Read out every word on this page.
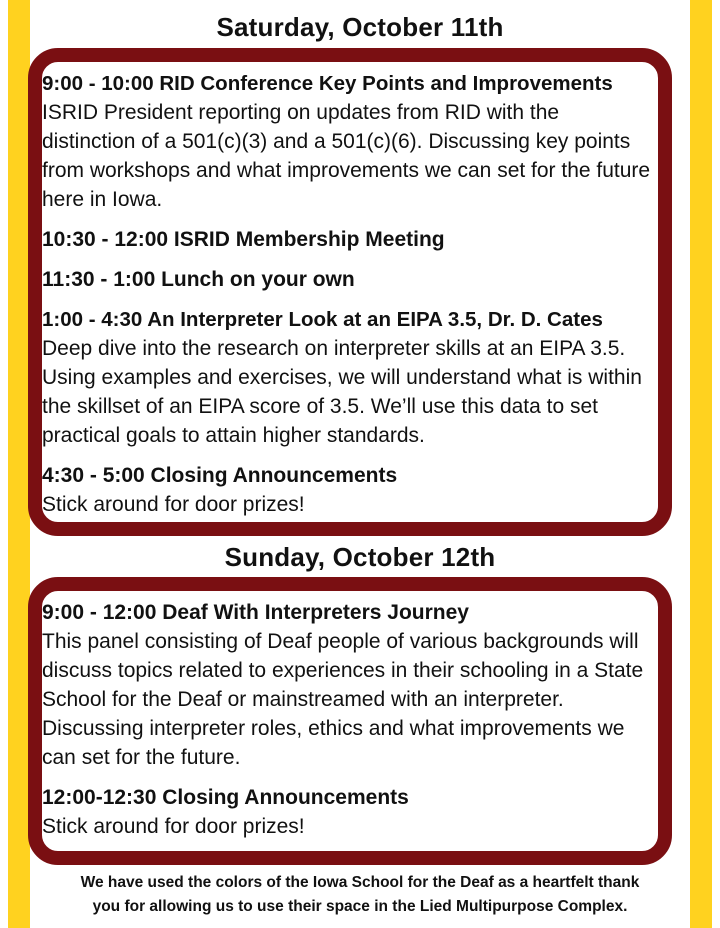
Saturday, October 11th
9:00 - 10:00 RID Conference Key Points and Improvements
ISRID President reporting on updates from RID with the distinction of a 501(c)(3) and a 501(c)(6). Discussing key points from workshops and what improvements we can set for the future here in Iowa.
10:30 - 12:00 ISRID Membership Meeting
11:30 - 1:00 Lunch on your own
1:00 - 4:30 An Interpreter Look at an EIPA 3.5, Dr. D. Cates
Deep dive into the research on interpreter skills at an EIPA 3.5. Using examples and exercises, we will understand what is within the skillset of an EIPA score of 3.5. We’ll use this data to set practical goals to attain higher standards.
4:30 - 5:00 Closing Announcements
Stick around for door prizes!
Sunday, October 12th
9:00 - 12:00 Deaf With Interpreters Journey
This panel consisting of Deaf people of various backgrounds will discuss topics related to experiences in their schooling in a State School for the Deaf or mainstreamed with an interpreter. Discussing interpreter roles, ethics and what improvements we can set for the future.
12:00-12:30 Closing Announcements
Stick around for door prizes!
We have used the colors of the Iowa School for the Deaf as a heartfelt thank
you for allowing us to use their space in the Lied Multipurpose Complex.
